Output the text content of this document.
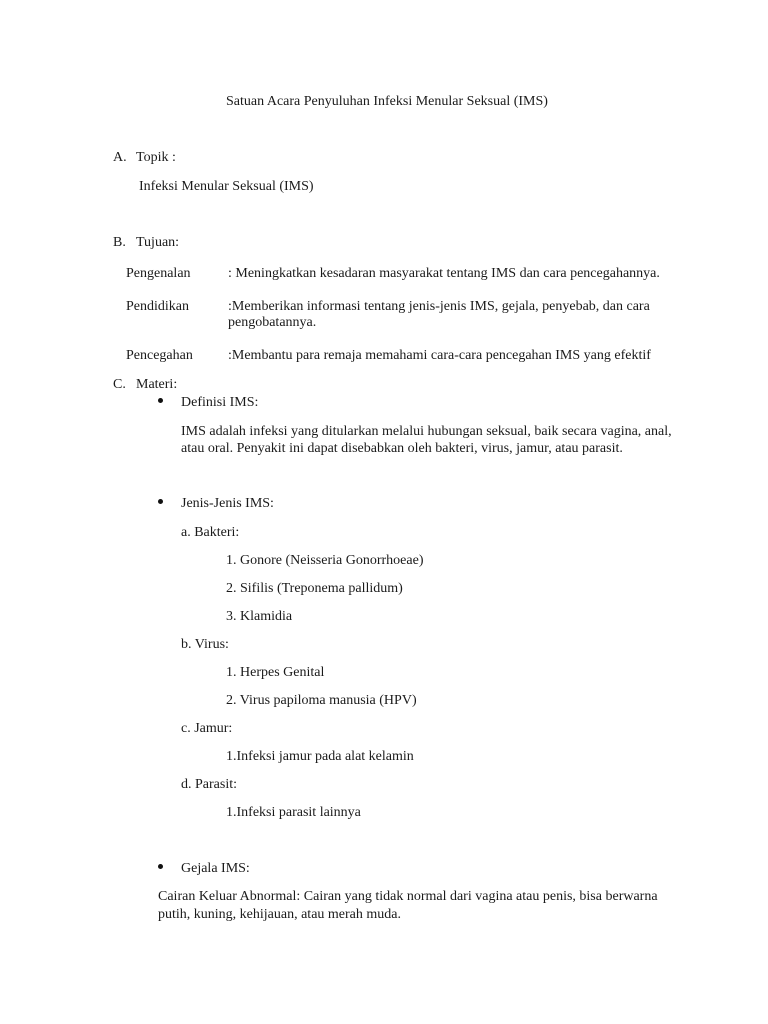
Satuan Acara Penyuluhan Infeksi Menular Seksual (IMS)
A. Topik :
Infeksi Menular Seksual (IMS)
B. Tujuan:
Pengenalan	: Meningkatkan kesadaran masyarakat tentang IMS dan cara pencegahannya.
Pendidikan	:Memberikan informasi tentang jenis-jenis IMS, gejala, penyebab, dan cara
pengobatannya.
Pencegahan	:Membantu para remaja memahami cara-cara pencegahan IMS yang efektif
C. Materi:
Definisi IMS:
IMS adalah infeksi yang ditularkan melalui hubungan seksual, baik secara vagina, anal,
atau oral. Penyakit ini dapat disebabkan oleh bakteri, virus, jamur, atau parasit.
Jenis-Jenis IMS:
a. Bakteri:
1. Gonore (Neisseria Gonorrhoeae)
2. Sifilis (Treponema pallidum)
3. Klamidia
b. Virus:
1. Herpes Genital
2. Virus papiloma manusia (HPV)
c. Jamur:
1.Infeksi jamur pada alat kelamin
d. Parasit:
1.Infeksi parasit lainnya
Gejala IMS:
Cairan Keluar Abnormal: Cairan yang tidak normal dari vagina atau penis, bisa berwarna
putih, kuning, kehijauan, atau merah muda.
